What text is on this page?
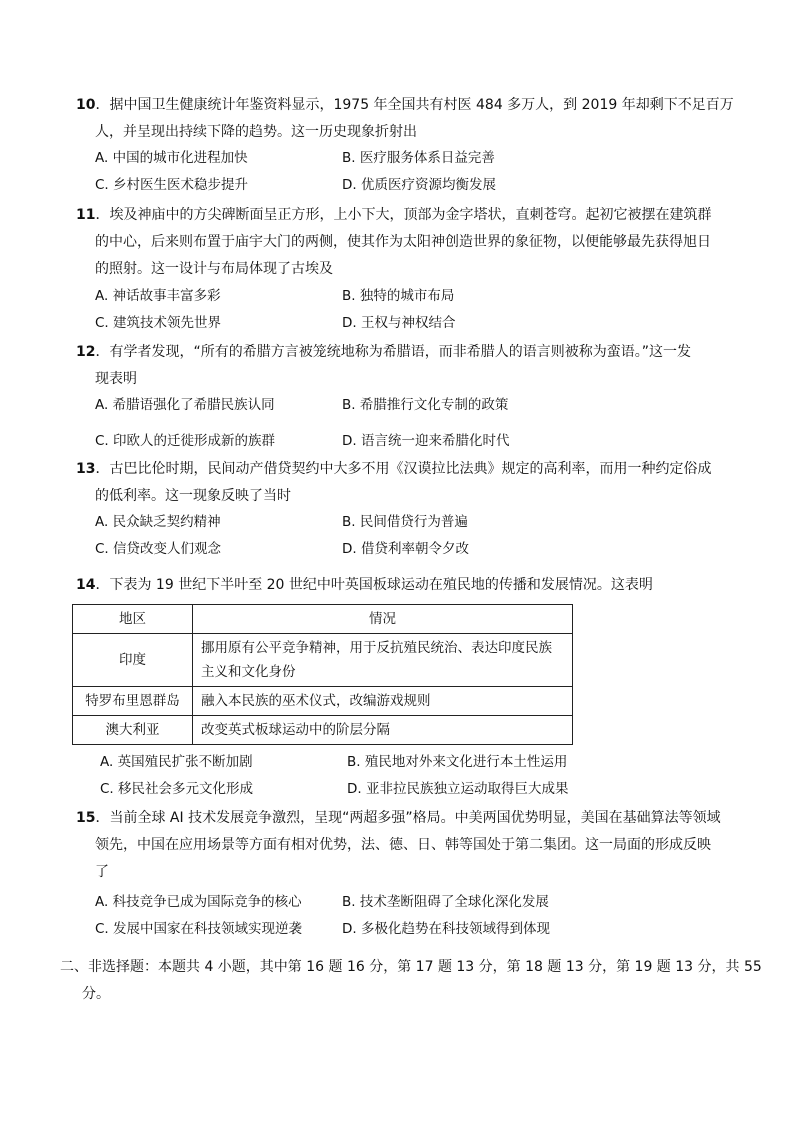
10．据中国卫生健康统计年鉴资料显示，1975 年全国共有村医 484 多万人，到 2019 年却剩下不足百万
人，并呈现出持续下降的趋势。这一历史现象折射出
A. 中国的城市化进程加快	B. 医疗服务体系日益完善
C. 乡村医生医术稳步提升	D. 优质医疗资源均衡发展
11．埃及神庙中的方尖碑断面呈正方形，上小下大，顶部为金字塔状，直刺苍穹。起初它被摆在建筑群
的中心，后来则布置于庙宇大门的两侧，使其作为太阳神创造世界的象征物，以便能够最先获得旭日
的照射。这一设计与布局体现了古埃及
A. 神话故事丰富多彩	B. 独特的城市布局
C. 建筑技术领先世界	D. 王权与神权结合
12．有学者发现，“所有的希腊方言被笼统地称为希腊语，而非希腊人的语言则被称为蛮语。”这一发
现表明
A. 希腊语强化了希腊民族认同	B. 希腊推行文化专制的政策
C. 印欧人的迁徙形成新的族群	D. 语言统一迎来希腊化时代
13．古巴比伦时期，民间动产借贷契约中大多不用《汉谟拉比法典》规定的高利率，而用一种约定俗成
的低利率。这一现象反映了当时
A. 民众缺乏契约精神	B. 民间借贷行为普遍
C. 信贷改变人们观念	D. 借贷利率朝令夕改
14．下表为 19 世纪下半叶至 20 世纪中叶英国板球运动在殖民地的传播和发展情况。这表明
地区	情况
印度	挪用原有公平竞争精神，用于反抗殖民统治、表达印度民族
主义和文化身份

特罗布里恩群岛	融入本民族的巫术仪式，改编游戏规则
澳大利亚	改变英式板球运动中的阶层分隔
A. 英国殖民扩张不断加剧	B. 殖民地对外来文化进行本土性运用
C. 移民社会多元文化形成	D. 亚非拉民族独立运动取得巨大成果
15．当前全球 AI 技术发展竞争激烈，呈现“两超多强”格局。中美两国优势明显，美国在基础算法等领域
领先，中国在应用场景等方面有相对优势，法、德、日、韩等国处于第二集团。这一局面的形成反映
了
A. 科技竞争已成为国际竞争的核心	B. 技术垄断阻碍了全球化深化发展
C. 发展中国家在科技领域实现逆袭	D. 多极化趋势在科技领域得到体现
二、非选择题：本题共 4 小题，其中第 16 题 16 分，第 17 题 13 分，第 18 题 13 分，第 19 题 13 分，共 55
分。
